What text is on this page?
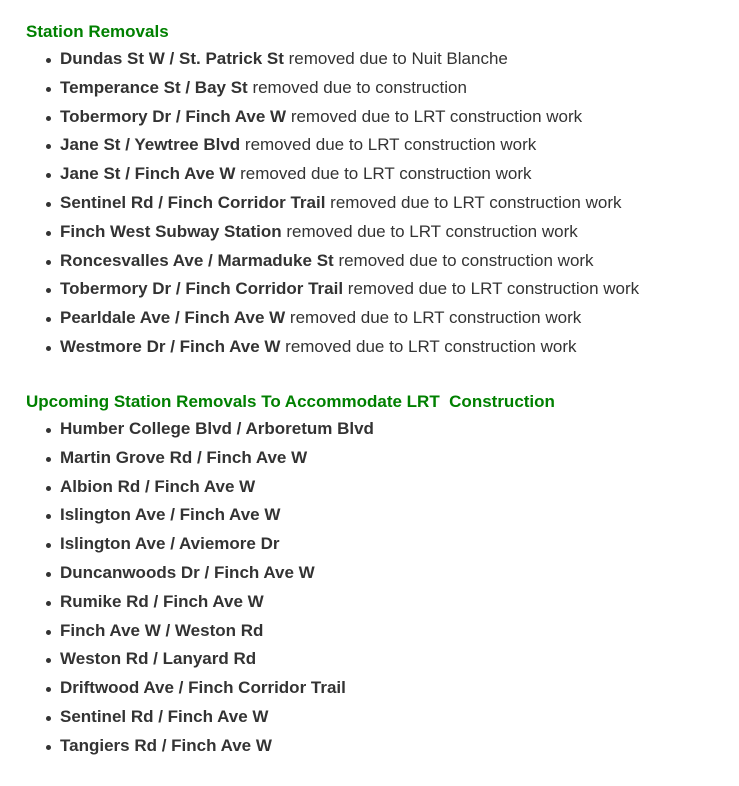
Station Removals
Dundas St W / St. Patrick St removed due to Nuit Blanche
Temperance St / Bay St removed due to construction
Tobermory Dr / Finch Ave W removed due to LRT construction work
Jane St / Yewtree Blvd removed due to LRT construction work
Jane St / Finch Ave W removed due to LRT construction work
Sentinel Rd / Finch Corridor Trail removed due to LRT construction work
Finch West Subway Station removed due to LRT construction work
Roncesvalles Ave / Marmaduke St removed due to construction work
Tobermory Dr / Finch Corridor Trail removed due to LRT construction work
Pearldale Ave / Finch Ave W removed due to LRT construction work
Westmore Dr / Finch Ave W removed due to LRT construction work
Upcoming Station Removals To Accommodate LRT  Construction
Humber College Blvd / Arboretum Blvd
Martin Grove Rd / Finch Ave W
Albion Rd / Finch Ave W
Islington Ave / Finch Ave W
Islington Ave / Aviemore Dr
Duncanwoods Dr / Finch Ave W
Rumike Rd / Finch Ave W
Finch Ave W / Weston Rd
Weston Rd / Lanyard Rd
Driftwood Ave / Finch Corridor Trail
Sentinel Rd / Finch Ave W
Tangiers Rd / Finch Ave W
